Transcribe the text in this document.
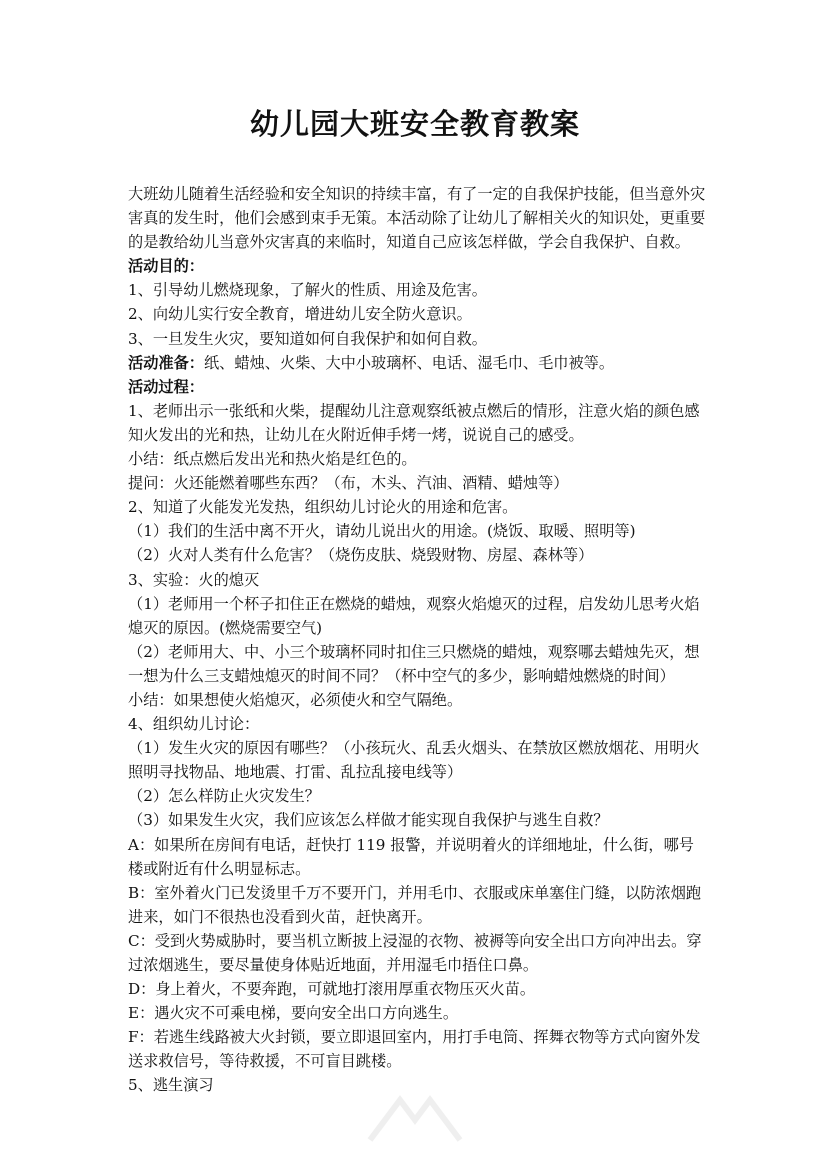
幼儿园大班安全教育教案

大班幼儿随着生活经验和安全知识的持续丰富，有了一定的自我保护技能，但当意外灾害真的发生时，他们会感到束手无策。本活动除了让幼儿了解相关火的知识处，更重要的是教给幼儿当意外灾害真的来临时，知道自己应该怎样做，学会自我保护、自救。

活动目的：

1、引导幼儿燃烧现象，了解火的性质、用途及危害。

2、向幼儿实行安全教育，增进幼儿安全防火意识。

3、一旦发生火灾，要知道如何自我保护和如何自救。

活动准备：纸、蜡烛、火柴、大中小玻璃杯、电话、湿毛巾、毛巾被等。

活动过程：

1、老师出示一张纸和火柴，提醒幼儿注意观察纸被点燃后的情形，注意火焰的颜色感知火发出的光和热，让幼儿在火附近伸手烤一烤，说说自己的感受。

小结：纸点燃后发出光和热火焰是红色的。

提问：火还能燃着哪些东西？（布，木头、汽油、酒精、蜡烛等）

2、知道了火能发光发热，组织幼儿讨论火的用途和危害。

（1）我们的生活中离不开火，请幼儿说出火的用途。(烧饭、取暖、照明等)

（2）火对人类有什么危害？（烧伤皮肤、烧毁财物、房屋、森林等）

3、实验：火的熄灭

（1）老师用一个杯子扣住正在燃烧的蜡烛，观察火焰熄灭的过程，启发幼儿思考火焰熄灭的原因。(燃烧需要空气)

（2）老师用大、中、小三个玻璃杯同时扣住三只燃烧的蜡烛，观察哪去蜡烛先灭，想一想为什么三支蜡烛熄灭的时间不同？（杯中空气的多少，影响蜡烛燃烧的时间）

小结：如果想使火焰熄灭，必须使火和空气隔绝。

4、组织幼儿讨论：

（1）发生火灾的原因有哪些？（小孩玩火、乱丢火烟头、在禁放区燃放烟花、用明火照明寻找物品、地地震、打雷、乱拉乱接电线等）

（2）怎么样防止火灾发生？

（3）如果发生火灾，我们应该怎么样做才能实现自我保护与逃生自救？

A：如果所在房间有电话，赶快打 119 报警，并说明着火的详细地址，什么街，哪号楼或附近有什么明显标志。

B：室外着火门已发烫里千万不要开门，并用毛巾、衣服或床单塞住门缝，以防浓烟跑进来，如门不很热也没看到火苗，赶快离开。

C：受到火势威胁时，要当机立断披上浸湿的衣物、被褥等向安全出口方向冲出去。穿过浓烟逃生，要尽量使身体贴近地面，并用湿毛巾捂住口鼻。

D：身上着火，不要奔跑，可就地打滚用厚重衣物压灭火苗。

E：遇火灾不可乘电梯，要向安全出口方向逃生。

F：若逃生线路被大火封锁，要立即退回室内，用打手电筒、挥舞衣物等方式向窗外发送求救信号，等待救援，不可盲目跳楼。

5、逃生演习
